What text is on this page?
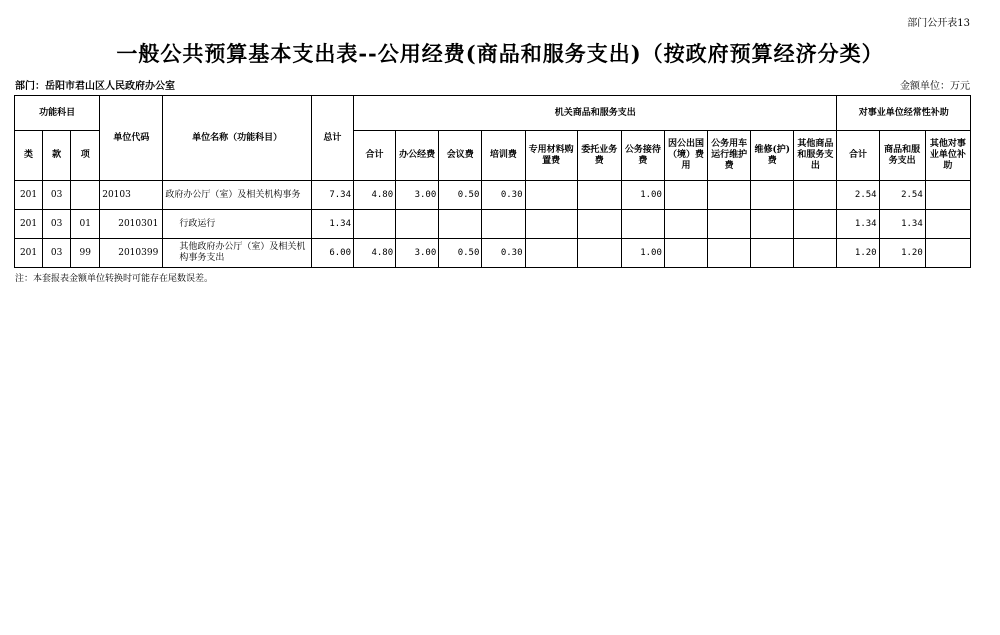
部门公开表13
一般公共预算基本支出表--公用经费(商品和服务支出)（按政府预算经济分类）
部门：岳阳市君山区人民政府办公室	金额单位：万元
功能科目			单位代码	单位名称（功能科目）	总计	机关商品和服务支出											对事业单位经常性补助		
类	款	项				合计	办公经费	会议费	培训费	专用材料购置费	委托业务费	公务接待费	因公出国（境）费用	公务用车运行维护费	维修(护)费	其他商品和服务支出	合计	商品和服务支出	其他对事业单位补助
201	03		20103	政府办公厅（室）及相关机构事务	7.34	4.80	3.00	0.50	0.30			1.00					2.54	2.54	
201	03	01	2010301	行政运行	1.34												1.34	1.34	
201	03	99	2010399	其他政府办公厅（室）及相关机构事务支出	6.00	4.80	3.00	0.50	0.30			1.00					1.20	1.20	
注：本套报表金额单位转换时可能存在尾数误差。
